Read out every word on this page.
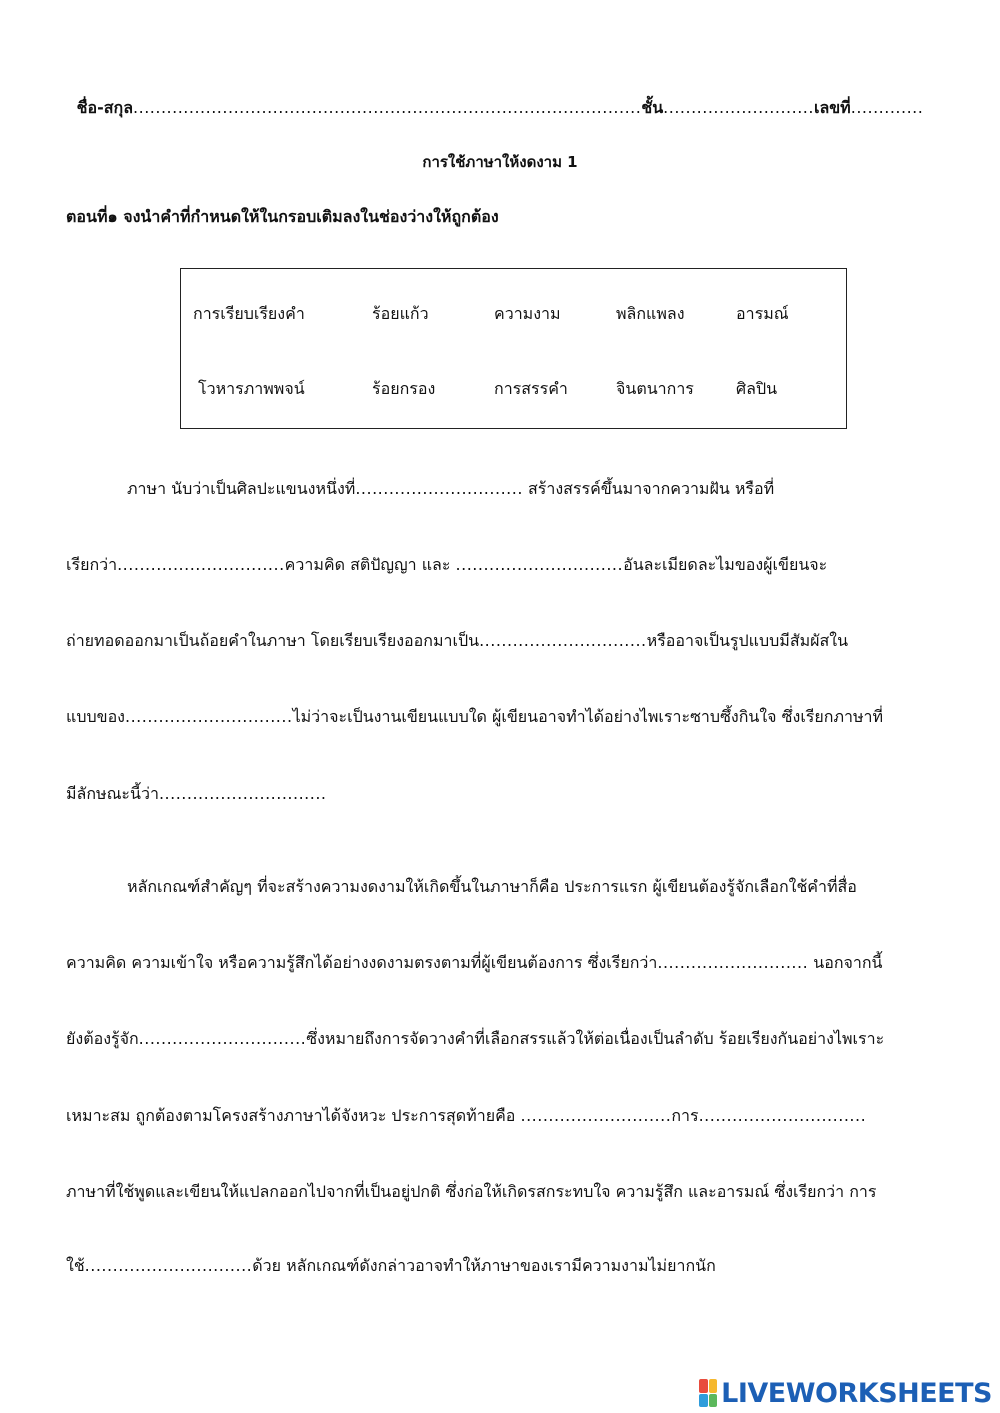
ชื่อ-สกุล...........................................................................................ชั้น...........................เลขที่.............
การใช้ภาษาให้งดงาม 1
ตอนที่๑ จงนำคำที่กำหนดให้ในกรอบเติมลงในช่องว่างให้ถูกต้อง
การเรียบเรียงคำ	ร้อยแก้ว	ความงาม	พลิกแพลง	อารมณ์
โวหารภาพพจน์	ร้อยกรอง	การสรรคำ	จินตนาการ	ศิลปิน
ภาษา นับว่าเป็นศิลปะแขนงหนึ่งที่.............................. สร้างสรรค์ขึ้นมาจากความฝัน หรือที่
เรียกว่า..............................ความคิด สติปัญญา และ ..............................อันละเมียดละไมของผู้เขียนจะ
ถ่ายทอดออกมาเป็นถ้อยคำในภาษา โดยเรียบเรียงออกมาเป็น..............................หรืออาจเป็นรูปแบบมีสัมผัสใน
แบบของ..............................ไม่ว่าจะเป็นงานเขียนแบบใด ผู้เขียนอาจทำได้อย่างไพเราะซาบซึ้งกินใจ ซึ่งเรียกภาษาที่
มีลักษณะนี้ว่า..............................
หลักเกณฑ์สำคัญๆ ที่จะสร้างความงดงามให้เกิดขึ้นในภาษาก็คือ ประการแรก ผู้เขียนต้องรู้จักเลือกใช้คำที่สื่อ
ความคิด ความเข้าใจ หรือความรู้สึกได้อย่างงดงามตรงตามที่ผู้เขียนต้องการ ซึ่งเรียกว่า........................... นอกจากนี้
ยังต้องรู้จัก..............................ซึ่งหมายถึงการจัดวางคำที่เลือกสรรแล้วให้ต่อเนื่องเป็นลำดับ ร้อยเรียงกันอย่างไพเราะ
เหมาะสม ถูกต้องตามโครงสร้างภาษาได้จังหวะ ประการสุดท้ายคือ ...........................การ..............................
ภาษาที่ใช้พูดและเขียนให้แปลกออกไปจากที่เป็นอยู่ปกติ ซึ่งก่อให้เกิดรสกระทบใจ ความรู้สึก และอารมณ์ ซึ่งเรียกว่า การ
ใช้..............................ด้วย หลักเกณฑ์ดังกล่าวอาจทำให้ภาษาของเรามีความงามไม่ยากนัก
LIVEWORKSHEETS
